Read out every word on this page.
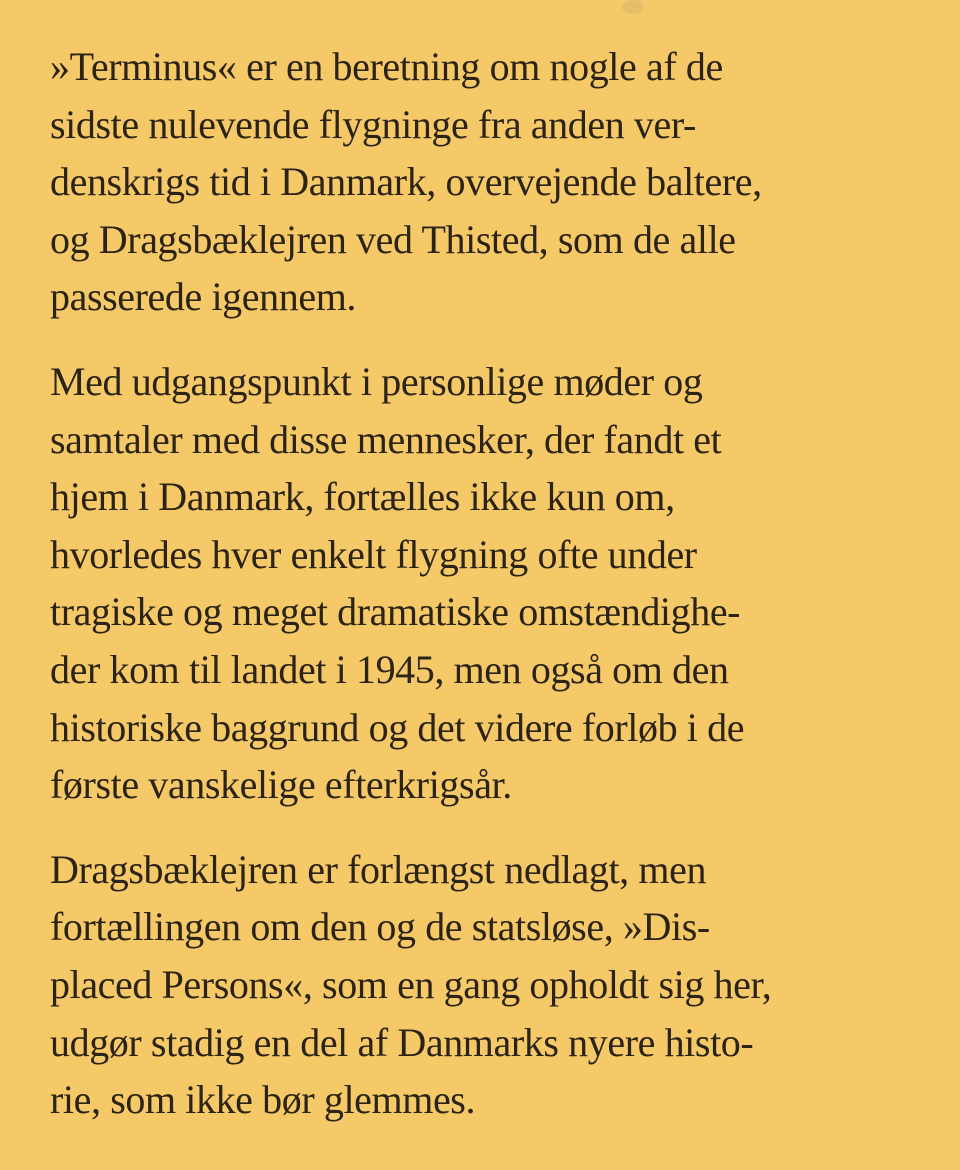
»Terminus« er en beretning om nogle af de
sidste nulevende flygninge fra anden ver-
denskrigs tid i Danmark, overvejende baltere,
og Dragsbæklejren ved Thisted, som de alle
passerede igennem.

Med udgangspunkt i personlige møder og
samtaler med disse mennesker, der fandt et
hjem i Danmark, fortælles ikke kun om,
hvorledes hver enkelt flygning ofte under
tragiske og meget dramatiske omstændighe-
der kom til landet i 1945, men også om den
historiske baggrund og det videre forløb i de
første vanskelige efterkrigsår.

Dragsbæklejren er forlængst nedlagt, men
fortællingen om den og de statsløse, »Dis-
placed Persons«, som en gang opholdt sig her,
udgør stadig en del af Danmarks nyere histo-
rie, som ikke bør glemmes.
